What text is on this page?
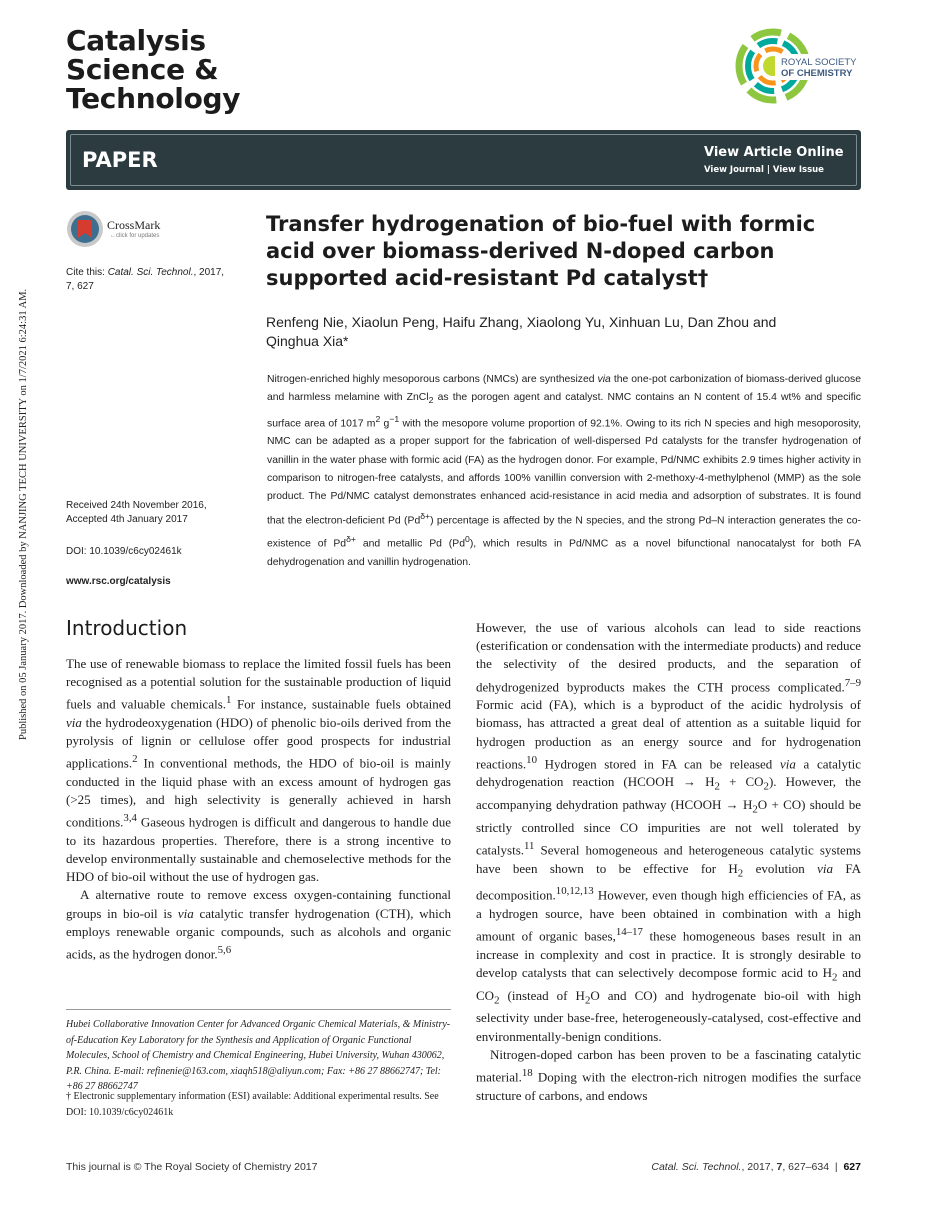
Published on 05 January 2017. Downloaded by NANJING TECH UNIVERSITY on 1/7/2021 6:24:31 AM.
Catalysis
Science &
Technology
ROYAL SOCIETY
OF CHEMISTRY
PAPER	View Article Online
View Journal | View Issue
CrossMark
←click for updates
Cite this: Catal. Sci. Technol., 2017,
7, 627
Received 24th November 2016,
Accepted 4th January 2017
DOI: 10.1039/c6cy02461k
www.rsc.org/catalysis
Transfer hydrogenation of bio-fuel with formic acid over biomass-derived N-doped carbon supported acid-resistant Pd catalyst†
Renfeng Nie, Xiaolun Peng, Haifu Zhang, Xiaolong Yu, Xinhuan Lu, Dan Zhou and Qinghua Xia*
Nitrogen-enriched highly mesoporous carbons (NMCs) are synthesized via the one-pot carbonization of biomass-derived glucose and harmless melamine with ZnCl$_2$ as the porogen agent and catalyst. NMC contains an N content of 15.4 wt% and specific surface area of 1017 $m^2$ $g^{-1}$ with the mesopore volume proportion of 92.1%. Owing to its rich N species and high mesoporosity, NMC can be adapted as a proper support for the fabrication of well-dispersed Pd catalysts for the transfer hydrogenation of vanillin in the water phase with formic acid (FA) as the hydrogen donor. For example, Pd/NMC exhibits 2.9 times higher activity in comparison to nitrogen-free catalysts, and affords 100% vanillin conversion with 2-methoxy-4-methylphenol (MMP) as the sole product. The Pd/NMC catalyst demonstrates enhanced acid-resistance in acid media and adsorption of substrates. It is found that the electron-deficient Pd $(Pd^{\delta+})$ percentage is affected by the N species, and the strong Pd–N interaction generates the co-existence of $Pd^{\delta+}$ and metallic Pd (Pd$^0$), which results in Pd/NMC as a novel bifunctional nanocatalyst for both FA dehydrogenation and vanillin hydrogenation.
Introduction

The use of renewable biomass to replace the limited fossil fuels has been recognised as a potential solution for the sustainable production of liquid fuels and valuable chemicals.$^1$ For instance, sustainable fuels obtained via the hydrodeoxygenation (HDO) of phenolic bio-oils derived from the pyrolysis of lignin or cellulose offer good prospects for industrial applications.$^2$ In conventional methods, the HDO of bio-oil is mainly conducted in the liquid phase with an excess amount of hydrogen gas (>25 times), and high selectivity is generally achieved in harsh conditions.$^{3,4}$ Gaseous hydrogen is difficult and dangerous to handle due to its hazardous properties. Therefore, there is a strong incentive to develop environmentally sustainable and chemoselective methods for the HDO of bio-oil without the use of hydrogen gas.

A alternative route to remove excess oxygen-containing functional groups in bio-oil is via catalytic transfer hydrogenation (CTH), which employs renewable organic compounds, such as alcohols and organic acids, as the hydrogen donor.$^{5,6}$

Hubei Collaborative Innovation Center for Advanced Organic Chemical Materials, & Ministry-of-Education Key Laboratory for the Synthesis and Application of Organic Functional Molecules, School of Chemistry and Chemical Engineering, Hubei University, Wuhan 430062, P.R. China. E-mail: refinenie@163.com, xiaqh518@aliyun.com; Fax: +86 27 88662747; Tel: +86 27 88662747
† Electronic supplementary information (ESI) available: Additional experimental results. See DOI: 10.1039/c6cy02461k

However, the use of various alcohols can lead to side reactions (esterification or condensation with the intermediate products) and reduce the selectivity of the desired products, and the separation of dehydrogenized byproducts makes the CTH process complicated.$^{7-9}$ Formic acid (FA), which is a byproduct of the acidic hydrolysis of biomass, has attracted a great deal of attention as a suitable liquid for hydrogen production as an energy source and for hydrogenation reactions.$^{10}$ Hydrogen stored in FA can be released via a catalytic dehydrogenation reaction (HCOOH → $H_2 + CO_2$). However, the accompanying dehydration pathway (HCOOH → $H_2O + CO$) should be strictly controlled since CO impurities are not well tolerated by catalysts.$^{11}$ Several homogeneous and heterogeneous catalytic systems have been shown to be effective for $H_2$ evolution via FA decomposition.$^{10,12,13}$ However, even though high efficiencies of FA, as a hydrogen source, have been obtained in combination with a high amount of organic bases,$^{14-17}$ these homogeneous bases result in an increase in complexity and cost in practice. It is strongly desirable to develop catalysts that can selectively decompose formic acid to $H_2$ and $CO_2$ (instead of $H_2O$ and CO) and hydrogenate bio-oil with high selectivity under base-free, heterogeneously-catalysed, cost-effective and environmentally-benign conditions.

Nitrogen-doped carbon has been proven to be a fascinating catalytic material.$^{18}$ Doping with the electron-rich nitrogen modifies the surface structure of carbons, and endows

This journal is © The Royal Society of Chemistry 2017	Catal. Sci. Technol., 2017, 7, 627–634 | 627
